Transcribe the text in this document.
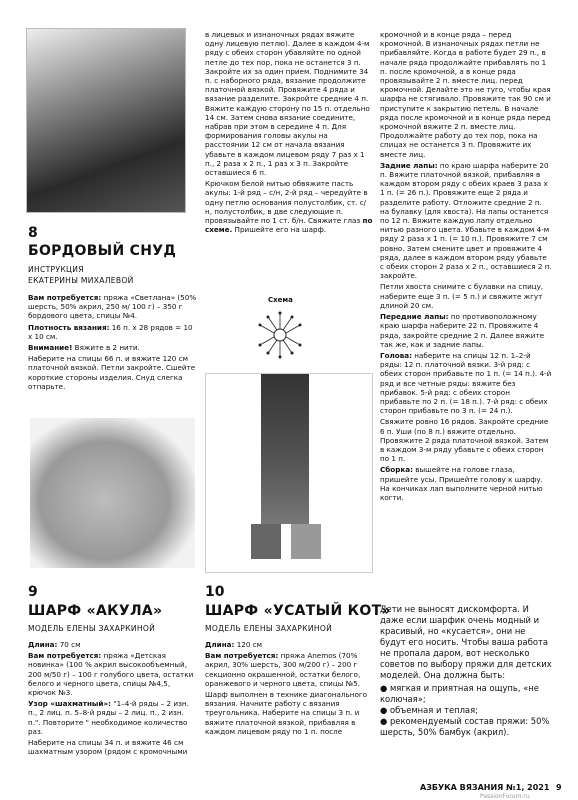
8
БОРДОВЫЙ СНУД
ИНСТРУКЦИЯ
ЕКАТЕРИНЫ МИХАЛЕВОЙ

Вам потребуется: пряжа «Светлана» (50% шерсть, 50% акрил, 250 м/ 100 г) – 350 г бордового цвета, спицы №4.

Плотность вязания: 16 п. х 28 рядов = 10 х 10 см.

Внимание! Вяжите в 2 нити.

Наберите на спицы 66 п. и вяжите 120 см платочной вязкой. Петли закройте. Сшейте короткие стороны изделия. Снуд слегка отпарьте.

9
ШАРФ «АКУЛА»
МОДЕЛЬ ЕЛЕНЫ ЗАХАРКИНОЙ

Длина: 70 см

Вам потребуется: пряжа «Детская новинка» (100 % акрил высокообъемный, 200 м/50 г) – 100 г голубого цвета, остатки белого и черного цвета, спицы №4,5, крючок №3.

Узор «шахматный»: "1–4-й ряды – 2 изн. п., 2 лиц. п. 5–8-й ряды – 2 лиц. п., 2 изн. п.". Повторите " необходимое количество раз.

Наберите на спицы 34 п. и вяжите 46 см шахматным узором (рядом с кромочными

в лицевых и изнаночных рядах вяжите одну лицевую петлю). Далее в каждом 4-м ряду с обеих сторон убавляйте по одной петле до тех пор, пока не останется 3 п. Закройте их за один прием. Поднимите 34 п. с наборного ряда, вязание продолжите платочной вязкой. Провяжите 4 ряда и вязание разделите. Закройте средние 4 п. Вяжите каждую сторону по 15 п. отдельно 14 см. Затем снова вязание соедините, набрав при этом в середине 4 п. Для формирования головы акулы на расстоянии 12 см от начала вязания убавьте в каждом лицевом ряду 7 раз х 1 п., 2 раза х 2 п., 1 раз х 3 п. Закройте оставшиеся 6 п.

Крючком белой нитью обвяжите пасть акулы: 1-й ряд – с/н, 2-й ряд – чередуйте в одну петлю основания полустолбик, ст. с/н, полустолбик, в две следующие п. провязывайте по 1 ст. б/н. Свяжите глаз по схеме. Пришейте его на шарф.

Схема
10
ШАРФ «УСАТЫЙ КОТ»
МОДЕЛЬ ЕЛЕНЫ ЗАХАРКИНОЙ

Длина: 120 см

Вам потребуется: пряжа Anemos (70% акрил, 30% шерсть, 300 м/200 г) – 200 г секционно окрашенной, остатки белого, оранжевого и черного цвета, спицы №5.

Шарф выполнен в технике диагонального вязания. Начните работу с вязания треугольника. Наберите на спицы 3 п. и вяжите платочной вязкой, прибавляя в каждом лицевом ряду по 1 п. после

кромочной и в конце ряда – перед кромочной. В изнаночных рядах петли не прибавляйте. Когда в работе будет 29 п., в начале ряда продолжайте прибавлять по 1 п. после кромочной, а в конце ряда провязывайте 2 п. вместе лиц. перед кромочной. Делайте это не туго, чтобы края шарфа не стягивало. Провяжите так 90 см и приступите к закрытию петель. В начале ряда после кромочной и в конце ряда перед кромочной вяжите 2 п. вместе лиц. Продолжайте работу до тех пор, пока на спицах не останется 3 п. Провяжите их вместе лиц.

Задние лапы: по краю шарфа наберите 20 п. Вяжите платочной вязкой, прибавляя в каждом втором ряду с обеих краев 3 раза х 1 п. (= 26 п.). Провяжите еще 2 ряда и разделите работу. Отложите средние 2 п. на булавку (для хвоста). На лапы останется по 12 п. Вяжите каждую лапу отдельно нитью разного цвета. Убавьте в каждом 4-м ряду 2 раза х 1 п. (= 10 п.). Провяжите 7 см ровно. Затем смените цвет и провяжите 4 ряда, далее в каждом втором ряду убавьте с обеих сторон 2 раза х 2 п., оставшиеся 2 п. закройте.

Петли хвоста снимите с булавки на спицу, наберите еще 3 п. (= 5 п.) и свяжите жгут длиной 20 см.

Передние лапы: по противоположному краю шарфа наберите 22 п. Провяжите 4 ряда, закройте средние 2 п. Далее вяжите так же, как и задние лапы.

Голова: наберите на спицы 12 п. 1–2-й ряды: 12 п. платочной вязки. 3-й ряд: с обеих сторон прибавьте по 1 п. (= 14 п.). 4-й ряд и все четные ряды: вяжите без прибавок. 5-й ряд: с обеих сторон прибавьте по 2 п. (= 18 п.). 7-й ряд: с обеих сторон прибавьте по 3 п. (= 24 п.).

Свяжите ровно 16 рядов. Закройте средние 6 п. Уши (по 8 п.) вяжите отдельно. Провяжите 2 ряда платочной вязкой. Затем в каждом 3-м ряду убавьте с обеих сторон по 1 п.

Сборка: вышейте на голове глаза, пришейте усы. Пришейте голову к шарфу. На кончиках лап выполните черной нитью когти.

Дети не выносят дискомфорта. И даже если шарфик очень модный и красивый, но «кусается», они не будут его носить. Чтобы ваша работа не пропала даром, вот несколько советов по выбору пряжи для детских моделей. Она должна быть:

● мягкая и приятная на ощупь, «не колючая»;
● объемная и теплая;
● рекомендуемый состав пряжи: 50% шерсть, 50% бамбук (акрил).
АЗБУКА ВЯЗАНИЯ №1, 2021 9
PassionForum.ru
